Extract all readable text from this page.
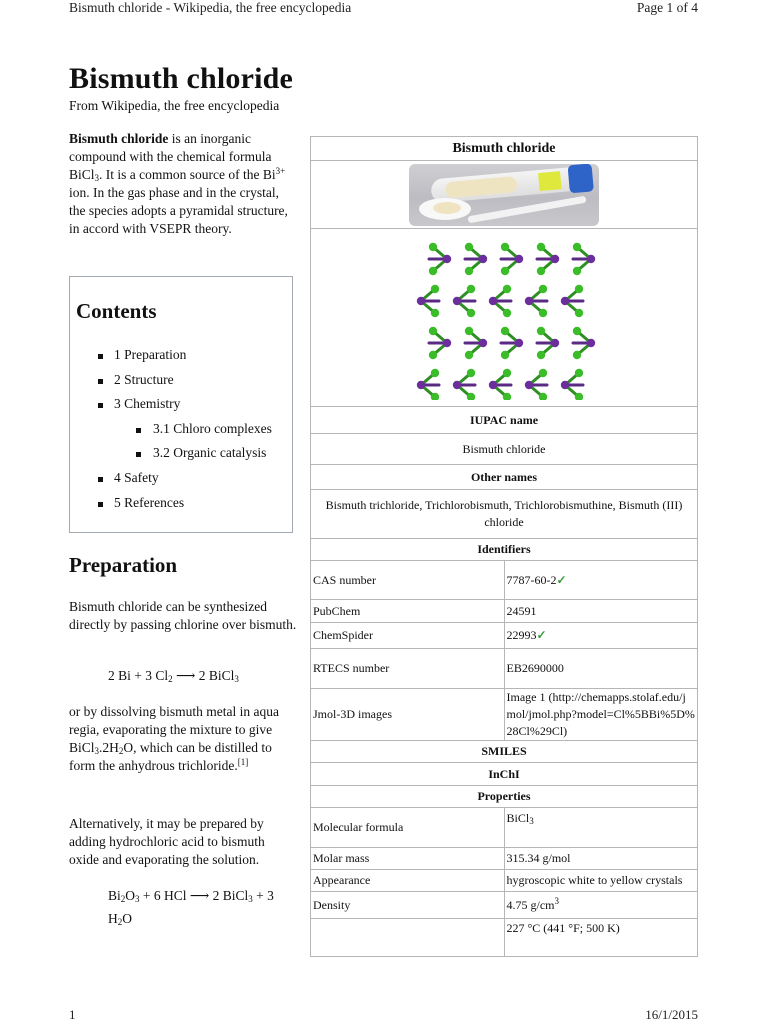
Bismuth chloride - Wikipedia, the free encyclopedia	Page 1 of 4
Bismuth chloride
From Wikipedia, the free encyclopedia
Bismuth chloride is an inorganic compound with the chemical formula BiCl$_3$. It is a common source of the $Bi^{3+}$ ion. In the gas phase and in the crystal, the species adopts a pyramidal structure, in accord with VSEPR theory.
Contents
1 Preparation
2 Structure
3 Chemistry
3.1 Chloro complexes
3.2 Organic catalysis
4 Safety
5 References
Preparation
Bismuth chloride can be synthesized directly by passing chlorine over bismuth.
2 Bi + 3 $Cl_2$ ⟶ 2 BiCl$_3$
or by dissolving bismuth metal in aqua regia, evaporating the mixture to give $BiCl_3.2H_2O$, which can be distilled to form the anhydrous trichloride.[1]
Alternatively, it may be prepared by adding hydrochloric acid to bismuth oxide and evaporating the solution.
$Bi_2O_3 + 6$ HCl ⟶ 2 BiCl$_3$ + 3 $H_2O$
Bismuth chloride	

IUPAC name	
Bismuth chloride	
Other names	
Bismuth trichloride, Trichlorobismuth, Trichlorobismuthine, Bismuth (III) chloride	
Identifiers	
CAS number	7787-60-2✓
PubChem	24591
ChemSpider	22993✓
RTECS number	EB2690000
Jmol-3D images	Image 1 (http://chemapps.stolaf.edu/jmol/jmol.php?model=Cl%5BBi%5D%28Cl%29Cl)
SMILES	
InChI	
Properties	
Molecular formula	BiCl$_3$
Molar mass	315.34 g/mol
Appearance	hygroscopic white to yellow crystals
Density	4.75 $g/cm^3$
	227 °C (441 °F; 500 K)
1	16/1/2015
